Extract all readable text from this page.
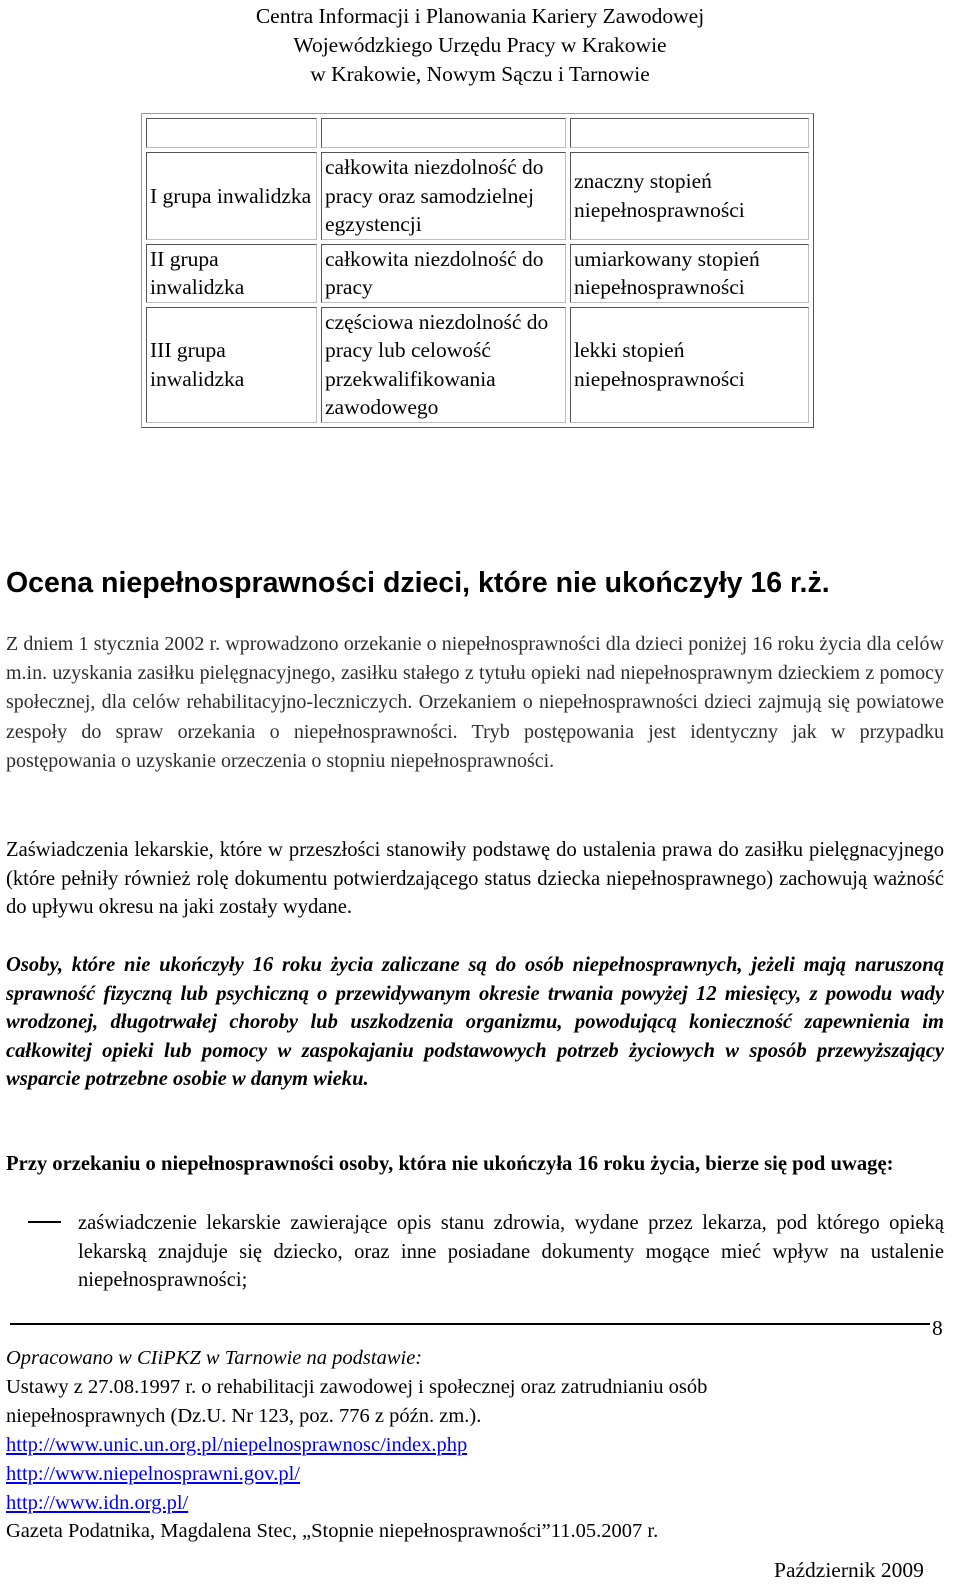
Centra Informacji i Planowania Kariery Zawodowej
Wojewódzkiego Urzędu Pracy w Krakowie
w Krakowie, Nowym Sączu i Tarnowie

I grupa inwalidzka	całkowita niezdolność do pracy oraz samodzielnej egzystencji	znaczny stopień niepełnosprawności
II grupa inwalidzka	całkowita niezdolność do pracy	umiarkowany stopień niepełnosprawności
III grupa inwalidzka	częściowa niezdolność do pracy lub celowość przekwalifikowania zawodowego	lekki stopień niepełnosprawności
Ocena niepełnosprawności dzieci, które nie ukończyły 16 r.ż.

Z dniem 1 stycznia 2002 r. wprowadzono orzekanie o niepełnosprawności dla dzieci poniżej 16 roku życia dla celów m.in. uzyskania zasiłku pielęgnacyjnego, zasiłku stałego z tytułu opieki nad niepełnosprawnym dzieckiem z pomocy społecznej, dla celów rehabilitacyjno-leczniczych. Orzekaniem o niepełnosprawności dzieci zajmują się powiatowe zespoły do spraw orzekania o niepełnosprawności. Tryb postępowania jest identyczny jak w przypadku postępowania o uzyskanie orzeczenia o stopniu niepełnosprawności.

Zaświadczenia lekarskie, które w przeszłości stanowiły podstawę do ustalenia prawa do zasiłku pielęgnacyjnego (które pełniły również rolę dokumentu potwierdzającego status dziecka niepełnosprawnego) zachowują ważność do upływu okresu na jaki zostały wydane.

Osoby, które nie ukończyły 16 roku życia zaliczane są do osób niepełnosprawnych, jeżeli mają naruszoną sprawność fizyczną lub psychiczną o przewidywanym okresie trwania powyżej 12 miesięcy, z powodu wady wrodzonej, długotrwałej choroby lub uszkodzenia organizmu, powodującą konieczność zapewnienia im całkowitej opieki lub pomocy w zaspokajaniu podstawowych potrzeb życiowych w sposób przewyższający wsparcie potrzebne osobie w danym wieku.

Przy orzekaniu o niepełnosprawności osoby, która nie ukończyła 16 roku życia, bierze się pod uwagę:

zaświadczenie lekarskie zawierające opis stanu zdrowia, wydane przez lekarza, pod którego opieką lekarską znajduje się dziecko, oraz inne posiadane dokumenty mogące mieć wpływ na ustalenie niepełnosprawności;

8
Opracowano w CIiPKZ w Tarnowie na podstawie:
Ustawy z 27.08.1997 r. o rehabilitacji zawodowej i społecznej oraz zatrudnianiu osób
niepełnosprawnych (Dz.U. Nr 123, poz. 776 z późn. zm.).
http://www.unic.un.org.pl/niepelnosprawnosc/index.php
http://www.niepelnosprawni.gov.pl/
http://www.idn.org.pl/
Gazeta Podatnika, Magdalena Stec, „Stopnie niepełnosprawności”11.05.2007 r.
Październik 2009
